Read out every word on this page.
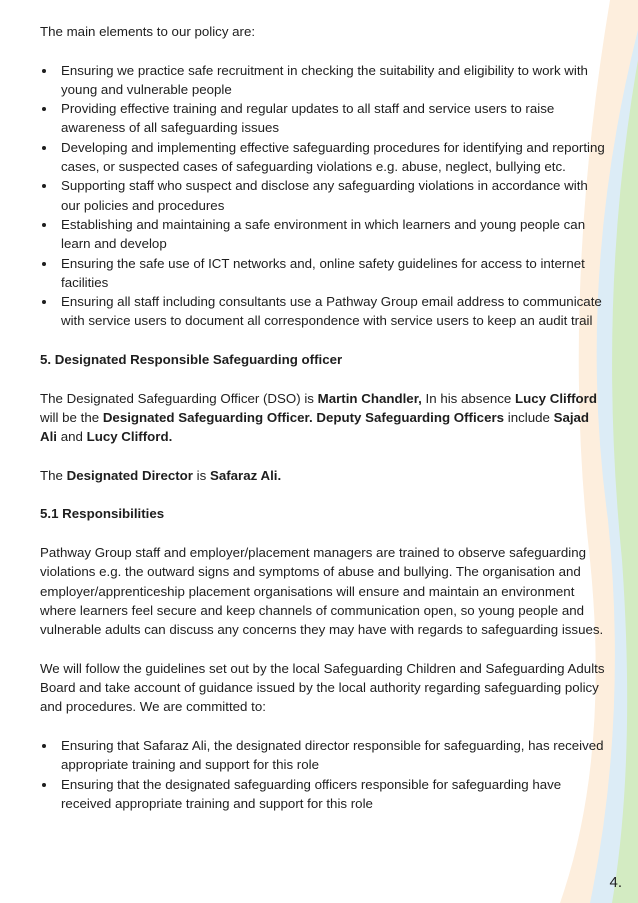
The main elements to our policy are:

Ensuring we practice safe recruitment in checking the suitability and eligibility to work with young and vulnerable people
Providing effective training and regular updates to all staff and service users to raise awareness of all safeguarding issues
Developing and implementing effective safeguarding procedures for identifying and reporting cases, or suspected cases of safeguarding violations e.g. abuse, neglect, bullying etc.
Supporting staff who suspect and disclose any safeguarding violations in accordance with our policies and procedures
Establishing and maintaining a safe environment in which learners and young people can learn and develop
Ensuring the safe use of ICT networks and, online safety guidelines for access to internet facilities
Ensuring all staff including consultants use a Pathway Group email address to communicate with service users to document all correspondence with service users to keep an audit trail

5. Designated Responsible Safeguarding officer

The Designated Safeguarding Officer (DSO) is Martin Chandler, In his absence Lucy Clifford will be the Designated Safeguarding Officer. Deputy Safeguarding Officers include Sajad Ali and Lucy Clifford.

The Designated Director is Safaraz Ali.

5.1 Responsibilities

Pathway Group staff and employer/placement managers are trained to observe safeguarding violations e.g. the outward signs and symptoms of abuse and bullying. The organisation and employer/apprenticeship placement organisations will ensure and maintain an environment where learners feel secure and keep channels of communication open, so young people and vulnerable adults can discuss any concerns they may have with regards to safeguarding issues.

We will follow the guidelines set out by the local Safeguarding Children and Safeguarding Adults Board and take account of guidance issued by the local authority regarding safeguarding policy and procedures. We are committed to:

Ensuring that Safaraz Ali, the designated director responsible for safeguarding, has received appropriate training and support for this role
Ensuring that the designated safeguarding officers responsible for safeguarding have received appropriate training and support for this role
4.
